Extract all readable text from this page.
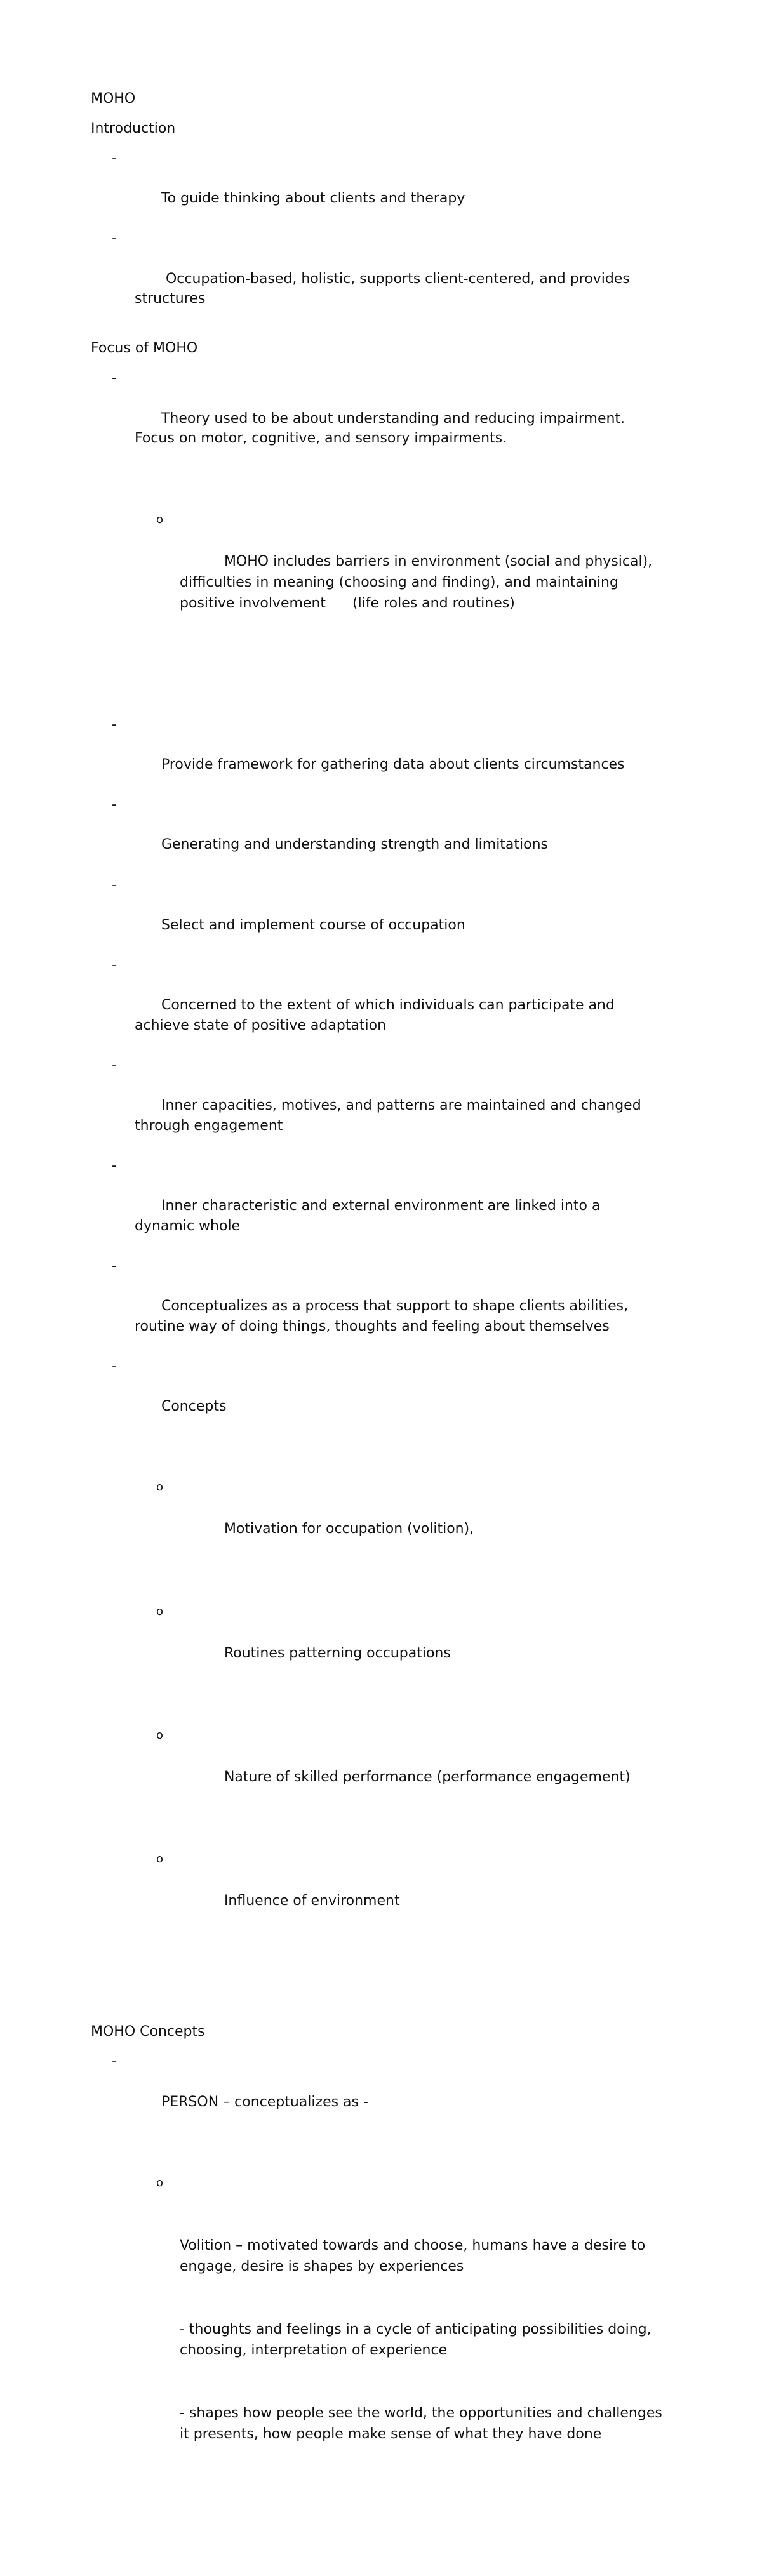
MOHO
Introduction

-

To guide thinking about clients and therapy

-

Occupation-based, holistic, supports client-centered, and provides structures

Focus of MOHO

-

Theory used to be about understanding and reducing impairment. Focus on motor, cognitive, and sensory impairments.

o

MOHO includes barriers in environment (social and physical), difficulties in meaning (choosing and finding), and maintaining positive involvement      (life roles and routines)

-

Provide framework for gathering data about clients circumstances

-

Generating and understanding strength and limitations

-

Select and implement course of occupation

-

Concerned to the extent of which individuals can participate and achieve state of positive adaptation

-

Inner capacities, motives, and patterns are maintained and changed through engagement

-

Inner characteristic and external environment are linked into a dynamic whole

-

Conceptualizes as a process that support to shape clients abilities, routine way of doing things, thoughts and feeling about themselves

-

Concepts

o

Motivation for occupation (volition),

o

Routines patterning occupations

o

Nature of skilled performance (performance engagement)

o

Influence of environment

MOHO Concepts

-

PERSON – conceptualizes as -

o

Volition – motivated towards and choose, humans have a desire to engage, desire is shapes by experiences

- thoughts and feelings in a cycle of anticipating possibilities doing, choosing, interpretation of experience

- shapes how people see the world, the opportunities and challenges it presents, how people make sense of what they have done
